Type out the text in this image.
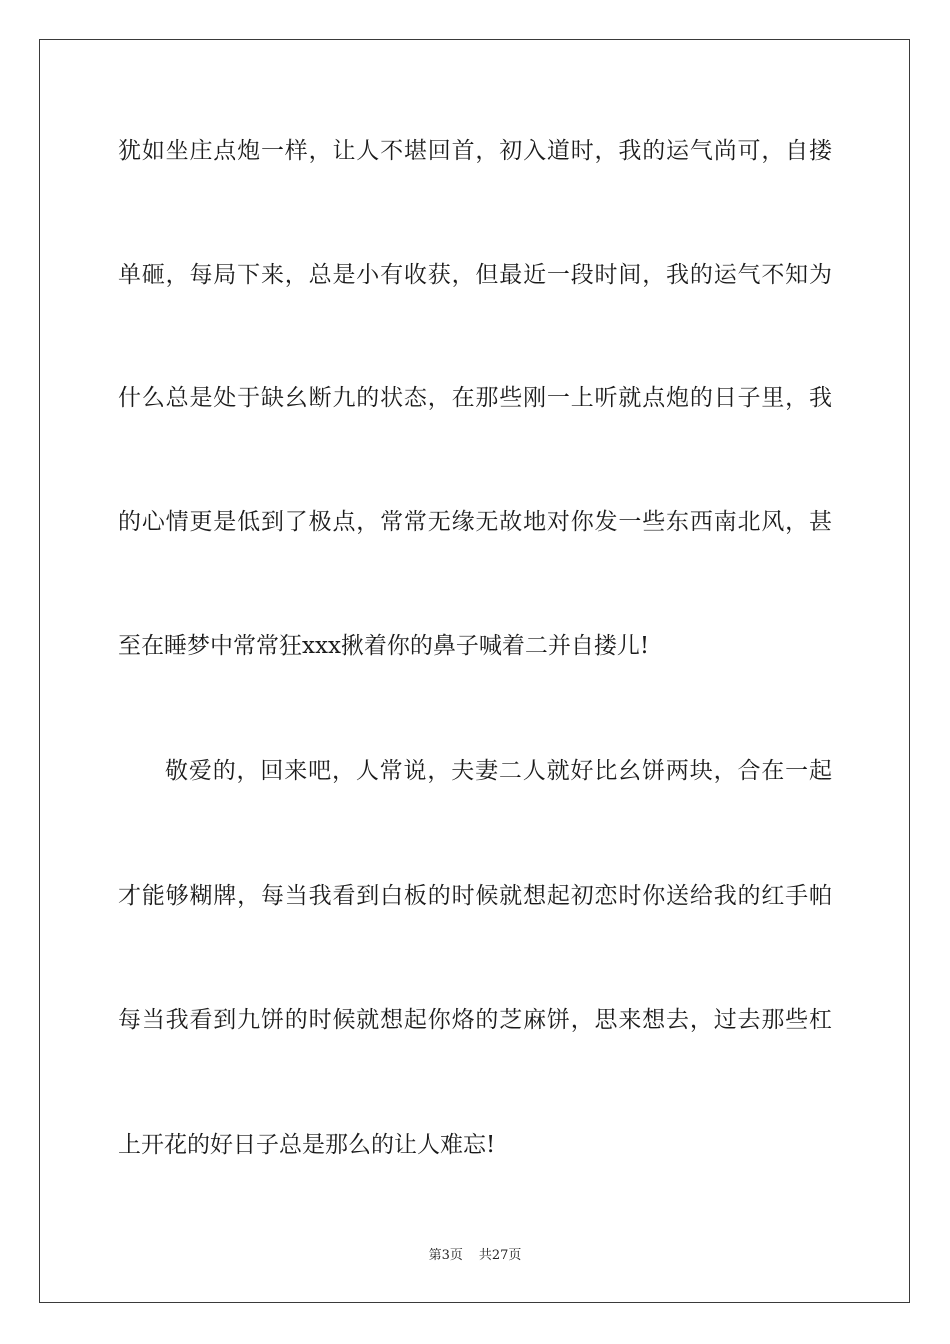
犹如坐庄点炮一样，让人不堪回首，初入道时，我的运气尚可，自搂
单砸，每局下来，总是小有收获，但最近一段时间，我的运气不知为
什么总是处于缺幺断九的状态，在那些刚一上听就点炮的日子里，我
的心情更是低到了极点，常常无缘无故地对你发一些东西南北风，甚
至在睡梦中常常狂xxx揪着你的鼻子喊着二并自搂儿!
敬爱的，回来吧，人常说，夫妻二人就好比幺饼两块，合在一起
才能够糊牌，每当我看到白板的时候就想起初恋时你送给我的红手帕
每当我看到九饼的时候就想起你烙的芝麻饼，思来想去，过去那些杠
上开花的好日子总是那么的让人难忘!
第3页 共27页
